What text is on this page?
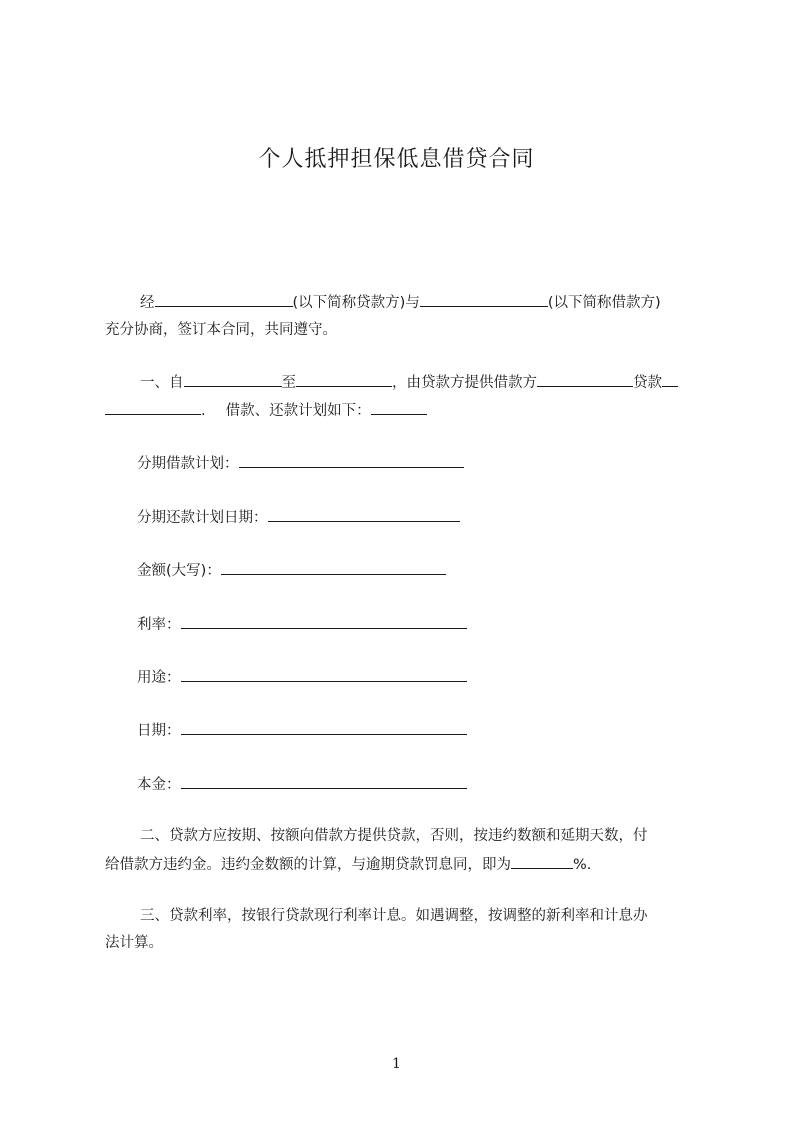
个人抵押担保低息借贷合同
经	(以下简称贷款方)与	(以下简称借款方)
充分协商，签订本合同，共同遵守。
一、自	至	，由贷款方提供借款方	贷款
. 借款、还款计划如下：
分期借款计划：
分期还款计划日期：
金额(大写)：
利率：
用途：
日期：
本金：
二、贷款方应按期、按额向借款方提供贷款，否则，按违约数额和延期天数，付
给借款方违约金。违约金数额的计算，与逾期贷款罚息同，即为	%.
三、贷款利率，按银行贷款现行利率计息。如遇调整，按调整的新利率和计息办
法计算。
1
